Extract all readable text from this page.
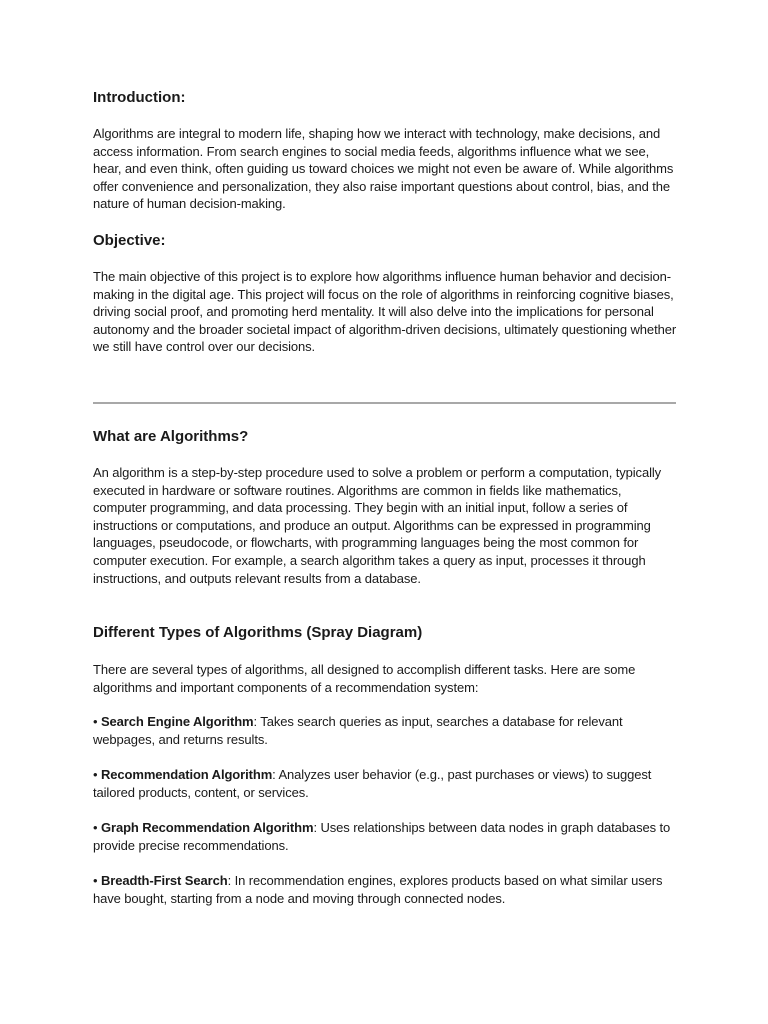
Introduction:

Algorithms are integral to modern life, shaping how we interact with technology, make decisions, and access information. From search engines to social media feeds, algorithms influence what we see, hear, and even think, often guiding us toward choices we might not even be aware of. While algorithms offer convenience and personalization, they also raise important questions about control, bias, and the nature of human decision-making.

Objective:

The main objective of this project is to explore how algorithms influence human behavior and decision-making in the digital age. This project will focus on the role of algorithms in reinforcing cognitive biases, driving social proof, and promoting herd mentality. It will also delve into the implications for personal autonomy and the broader societal impact of algorithm-driven decisions, ultimately questioning whether we still have control over our decisions.

What are Algorithms?

An algorithm is a step-by-step procedure used to solve a problem or perform a computation, typically executed in hardware or software routines. Algorithms are common in fields like mathematics, computer programming, and data processing. They begin with an initial input, follow a series of instructions or computations, and produce an output. Algorithms can be expressed in programming languages, pseudocode, or flowcharts, with programming languages being the most common for computer execution. For example, a search algorithm takes a query as input, processes it through instructions, and outputs relevant results from a database.

Different Types of Algorithms (Spray Diagram)

There are several types of algorithms, all designed to accomplish different tasks. Here are some algorithms and important components of a recommendation system:

• Search Engine Algorithm: Takes search queries as input, searches a database for relevant webpages, and returns results.

• Recommendation Algorithm: Analyzes user behavior (e.g., past purchases or views) to suggest tailored products, content, or services.

• Graph Recommendation Algorithm: Uses relationships between data nodes in graph databases to provide precise recommendations.

• Breadth-First Search: In recommendation engines, explores products based on what similar users have bought, starting from a node and moving through connected nodes.
